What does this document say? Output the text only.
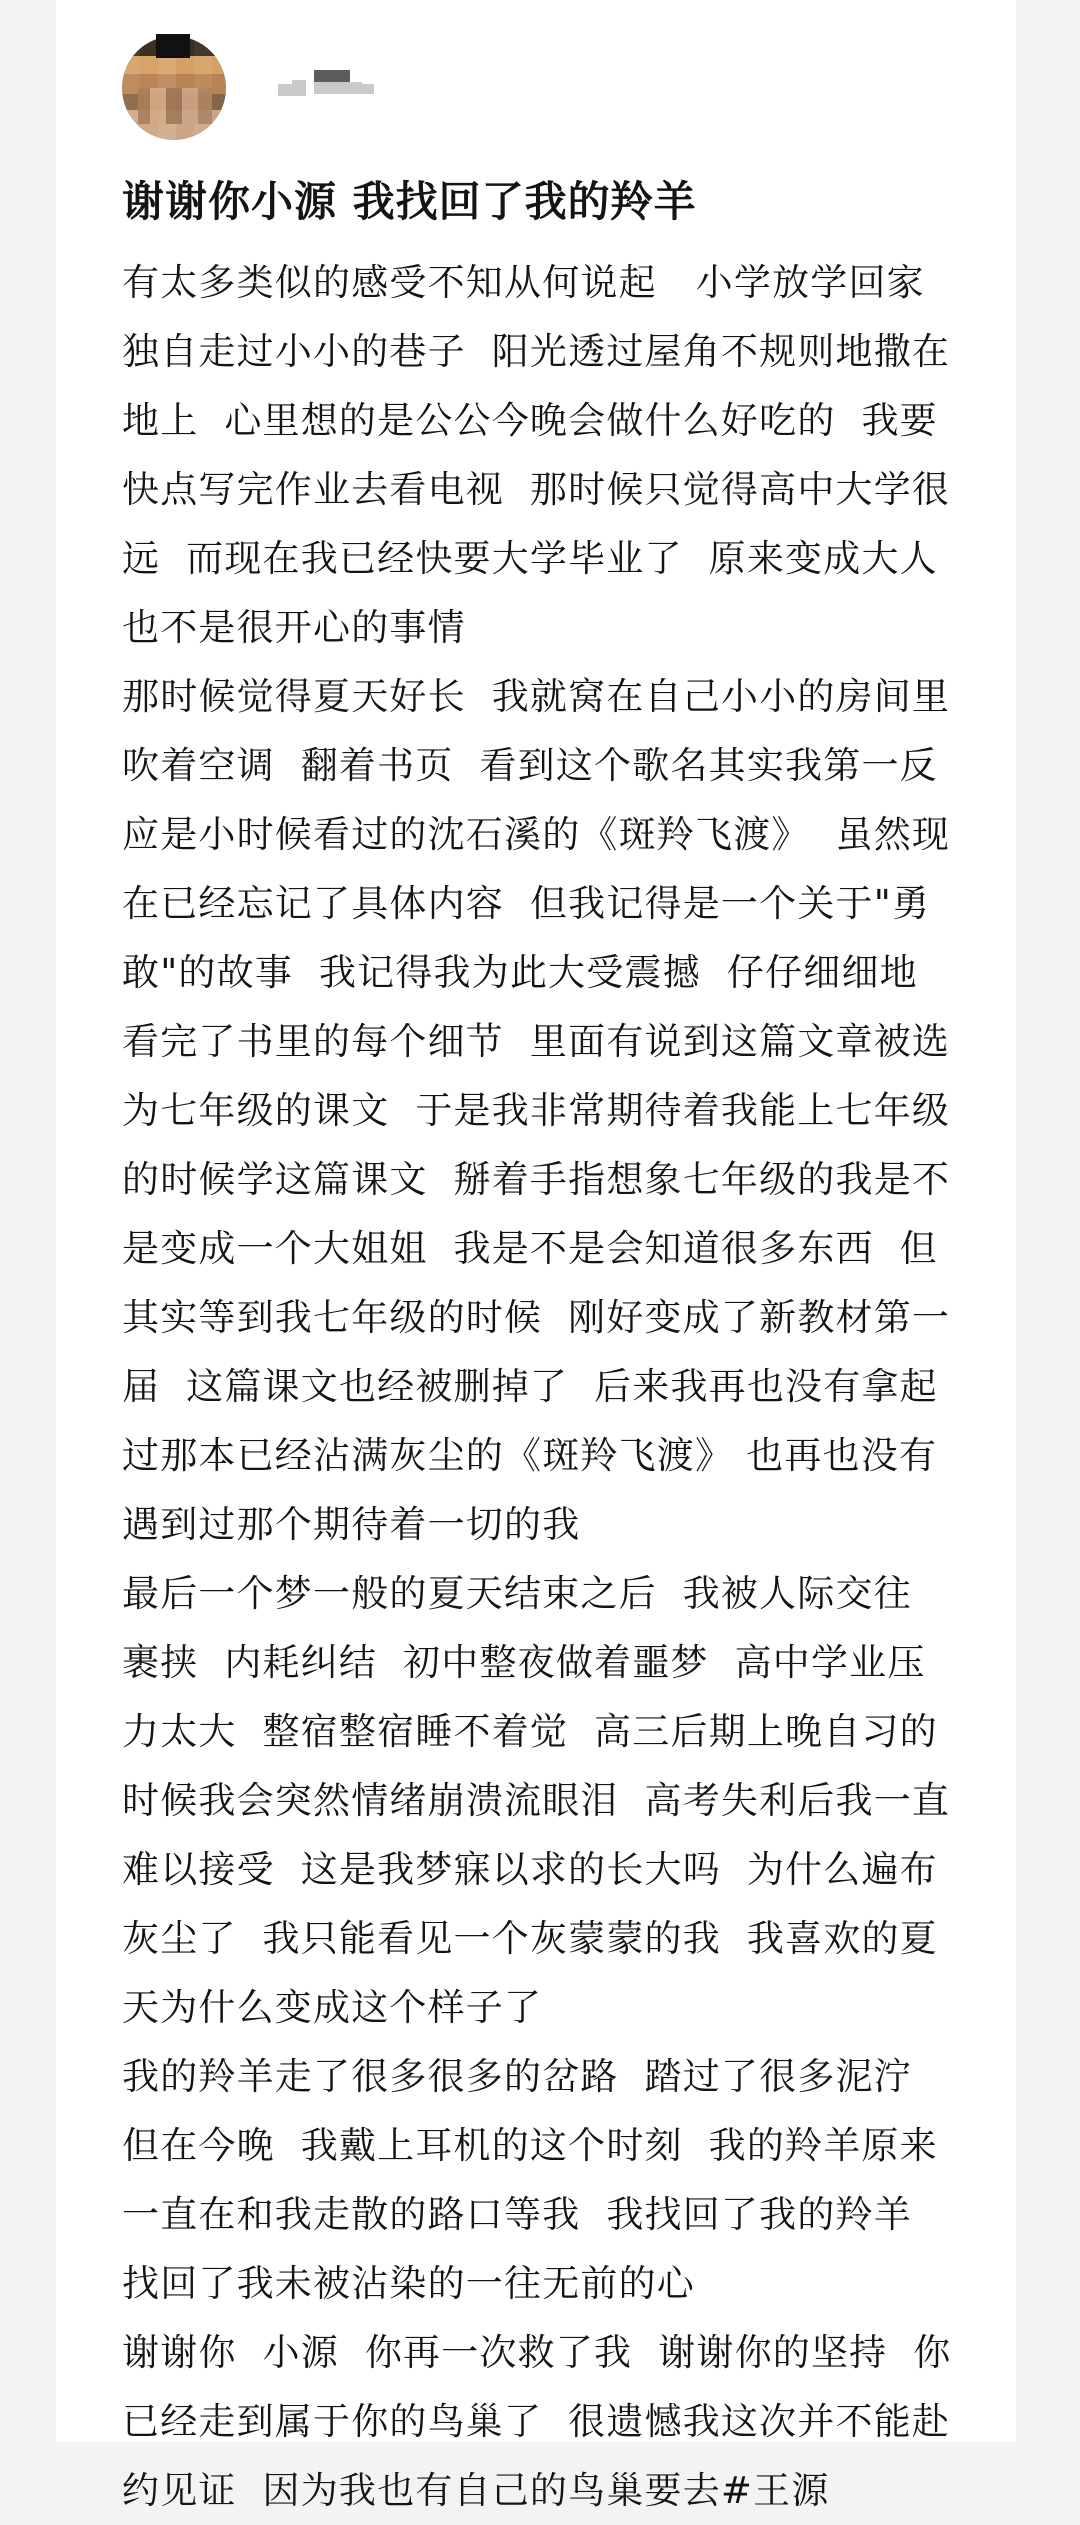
谢谢你小源 我找回了我的羚羊

有太多类似的感受不知从何说起   小学放学回家
独自走过小小的巷子  阳光透过屋角不规则地撒在
地上  心里想的是公公今晚会做什么好吃的  我要
快点写完作业去看电视  那时候只觉得高中大学很
远  而现在我已经快要大学毕业了  原来变成大人
也不是很开心的事情

那时候觉得夏天好长  我就窝在自己小小的房间里
吹着空调  翻着书页  看到这个歌名其实我第一反
应是小时候看过的沈石溪的《斑羚飞渡》  虽然现
在已经忘记了具体内容  但我记得是一个关于"勇
敢"的故事  我记得我为此大受震撼  仔仔细细地
看完了书里的每个细节  里面有说到这篇文章被选
为七年级的课文  于是我非常期待着我能上七年级
的时候学这篇课文  掰着手指想象七年级的我是不
是变成一个大姐姐  我是不是会知道很多东西  但
其实等到我七年级的时候  刚好变成了新教材第一
届  这篇课文也经被删掉了  后来我再也没有拿起
过那本已经沾满灰尘的《斑羚飞渡》 也再也没有
遇到过那个期待着一切的我

最后一个梦一般的夏天结束之后  我被人际交往
裹挟  内耗纠结  初中整夜做着噩梦  高中学业压
力太大  整宿整宿睡不着觉  高三后期上晚自习的
时候我会突然情绪崩溃流眼泪  高考失利后我一直
难以接受  这是我梦寐以求的长大吗  为什么遍布
灰尘了  我只能看见一个灰蒙蒙的我  我喜欢的夏
天为什么变成这个样子了

我的羚羊走了很多很多的岔路  踏过了很多泥泞
但在今晚  我戴上耳机的这个时刻  我的羚羊原来
一直在和我走散的路口等我  我找回了我的羚羊
找回了我未被沾染的一往无前的心

谢谢你  小源  你再一次救了我  谢谢你的坚持  你
已经走到属于你的鸟巢了  很遗憾我这次并不能赴
约见证  因为我也有自己的鸟巢要去#王源
